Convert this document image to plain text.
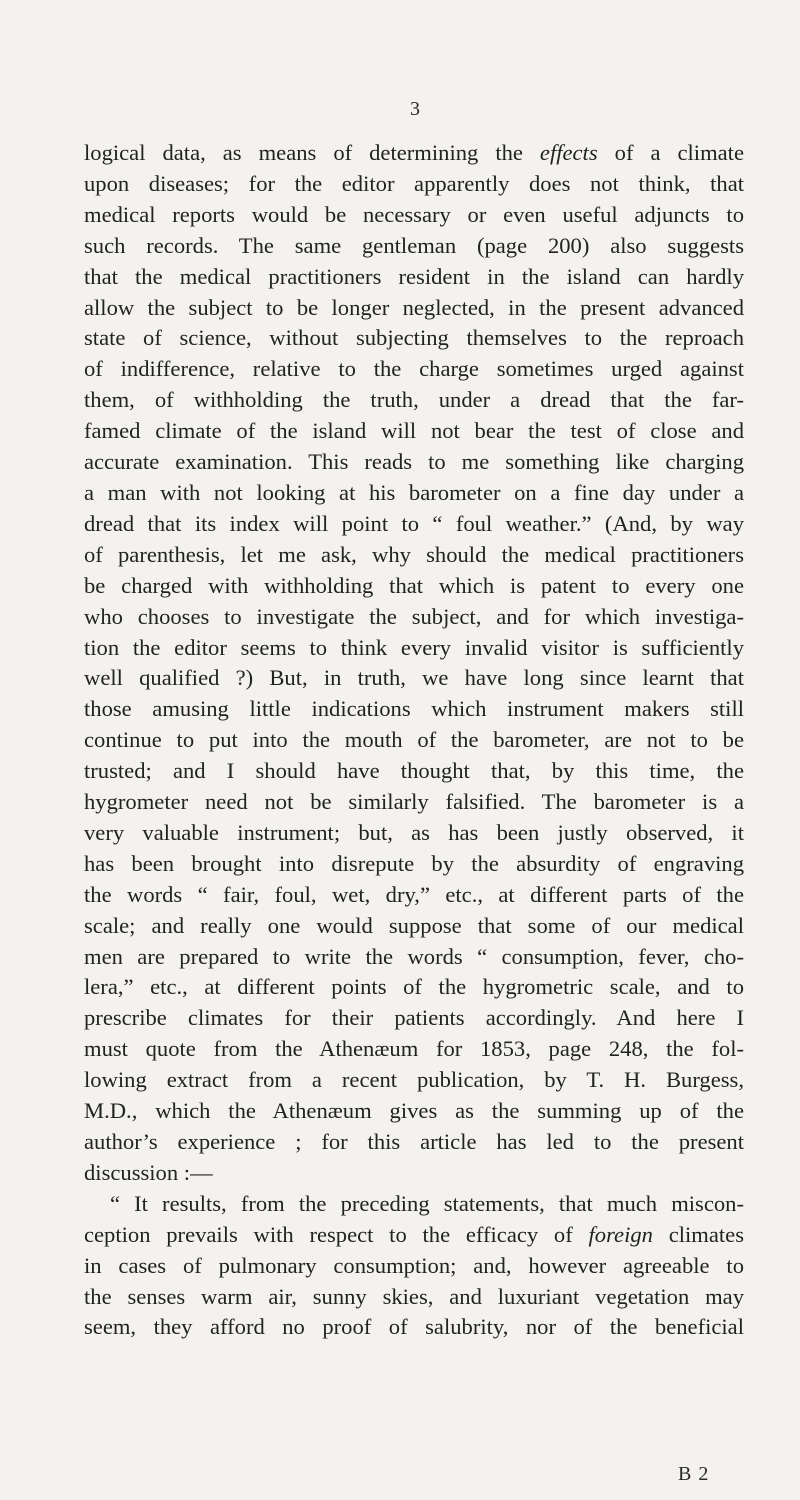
3
logical data, as means of determining the effects of a climate
upon diseases; for the editor apparently does not think, that
medical reports would be necessary or even useful adjuncts to
such records. The same gentleman (page 200) also suggests
that the medical practitioners resident in the island can hardly
allow the subject to be longer neglected, in the present advanced
state of science, without subjecting themselves to the reproach
of indifference, relative to the charge sometimes urged against
them, of withholding the truth, under a dread that the far-
famed climate of the island will not bear the test of close and
accurate examination. This reads to me something like charging
a man with not looking at his barometer on a fine day under a
dread that its index will point to “ foul weather.” (And, by way
of parenthesis, let me ask, why should the medical practitioners
be charged with withholding that which is patent to every one
who chooses to investigate the subject, and for which investiga-
tion the editor seems to think every invalid visitor is sufficiently
well qualified ?) But, in truth, we have long since learnt that
those amusing little indications which instrument makers still
continue to put into the mouth of the barometer, are not to be
trusted; and I should have thought that, by this time, the
hygrometer need not be similarly falsified. The barometer is a
very valuable instrument; but, as has been justly observed, it
has been brought into disrepute by the absurdity of engraving
the words “ fair, foul, wet, dry,” etc., at different parts of the
scale; and really one would suppose that some of our medical
men are prepared to write the words “ consumption, fever, cho-
lera,” etc., at different points of the hygrometric scale, and to
prescribe climates for their patients accordingly. And here I
must quote from the Athenæum for 1853, page 248, the fol-
lowing extract from a recent publication, by T. H. Burgess,
M.D., which the Athenæum gives as the summing up of the
author’s experience ; for this article has led to the present
discussion :—
“ It results, from the preceding statements, that much miscon-
ception prevails with respect to the efficacy of foreign climates
in cases of pulmonary consumption; and, however agreeable to
the senses warm air, sunny skies, and luxuriant vegetation may
seem, they afford no proof of salubrity, nor of the beneficial
B 2
